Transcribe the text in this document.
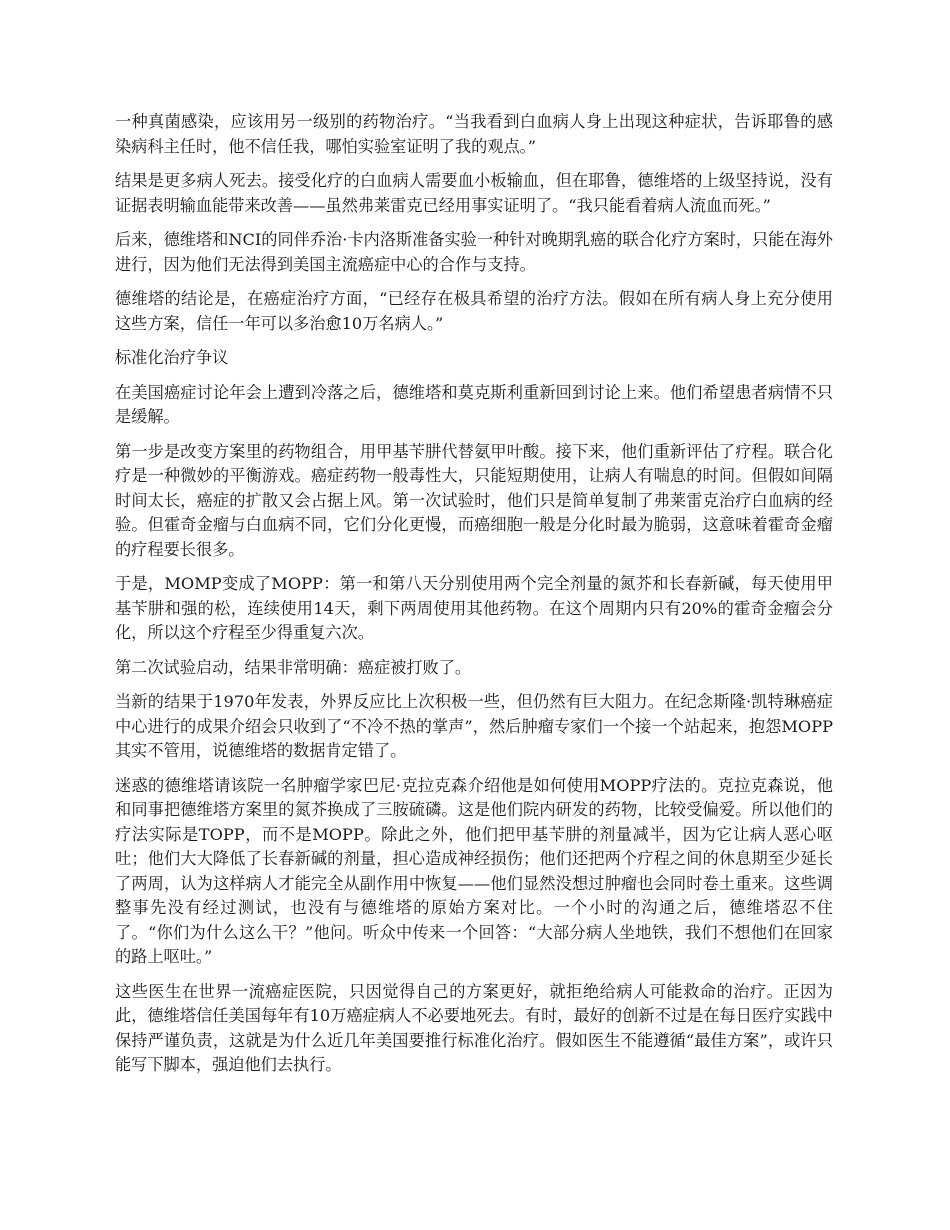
一种真菌感染，应该用另一级别的药物治疗。“当我看到白血病人身上出现这种症状，告诉耶鲁的感染病科主任时，他不信任我，哪怕实验室证明了我的观点。”

结果是更多病人死去。接受化疗的白血病人需要血小板输血，但在耶鲁，德维塔的上级坚持说，没有证据表明输血能带来改善——虽然弗莱雷克已经用事实证明了。“我只能看着病人流血而死。”

后来，德维塔和NCI的同伴乔治·卡内洛斯准备实验一种针对晚期乳癌的联合化疗方案时，只能在海外进行，因为他们无法得到美国主流癌症中心的合作与支持。

德维塔的结论是，在癌症治疗方面，“已经存在极具希望的治疗方法。假如在所有病人身上充分使用这些方案，信任一年可以多治愈10万名病人。”

标准化治疗争议

在美国癌症讨论年会上遭到冷落之后，德维塔和莫克斯利重新回到讨论上来。他们希望患者病情不只是缓解。

第一步是改变方案里的药物组合，用甲基苄肼代替氨甲叶酸。接下来，他们重新评估了疗程。联合化疗是一种微妙的平衡游戏。癌症药物一般毒性大，只能短期使用，让病人有喘息的时间。但假如间隔时间太长，癌症的扩散又会占据上风。第一次试验时，他们只是简单复制了弗莱雷克治疗白血病的经验。但霍奇金瘤与白血病不同，它们分化更慢，而癌细胞一般是分化时最为脆弱，这意味着霍奇金瘤的疗程要长很多。

于是，MOMP变成了MOPP：第一和第八天分别使用两个完全剂量的氮芥和长春新碱，每天使用甲基苄肼和强的松，连续使用14天，剩下两周使用其他药物。在这个周期内只有20%的霍奇金瘤会分化，所以这个疗程至少得重复六次。

第二次试验启动，结果非常明确：癌症被打败了。

当新的结果于1970年发表，外界反应比上次积极一些，但仍然有巨大阻力。在纪念斯隆·凯特琳癌症中心进行的成果介绍会只收到了“不冷不热的掌声”，然后肿瘤专家们一个接一个站起来，抱怨MOPP其实不管用，说德维塔的数据肯定错了。

迷惑的德维塔请该院一名肿瘤学家巴尼·克拉克森介绍他是如何使用MOPP疗法的。克拉克森说，他和同事把德维塔方案里的氮芥换成了三胺硫磷。这是他们院内研发的药物，比较受偏爱。所以他们的疗法实际是TOPP，而不是MOPP。除此之外，他们把甲基苄肼的剂量减半，因为它让病人恶心呕吐；他们大大降低了长春新碱的剂量，担心造成神经损伤；他们还把两个疗程之间的休息期至少延长了两周，认为这样病人才能完全从副作用中恢复——他们显然没想过肿瘤也会同时卷土重来。这些调整事先没有经过测试，也没有与德维塔的原始方案对比。一个小时的沟通之后，德维塔忍不住了。“你们为什么这么干？”他问。听众中传来一个回答：“大部分病人坐地铁，我们不想他们在回家的路上呕吐。”

这些医生在世界一流癌症医院，只因觉得自己的方案更好，就拒绝给病人可能救命的治疗。正因为此，德维塔信任美国每年有10万癌症病人不必要地死去。有时，最好的创新不过是在每日医疗实践中保持严谨负责，这就是为什么近几年美国要推行标准化治疗。假如医生不能遵循“最佳方案”，或许只能写下脚本，强迫他们去执行。
